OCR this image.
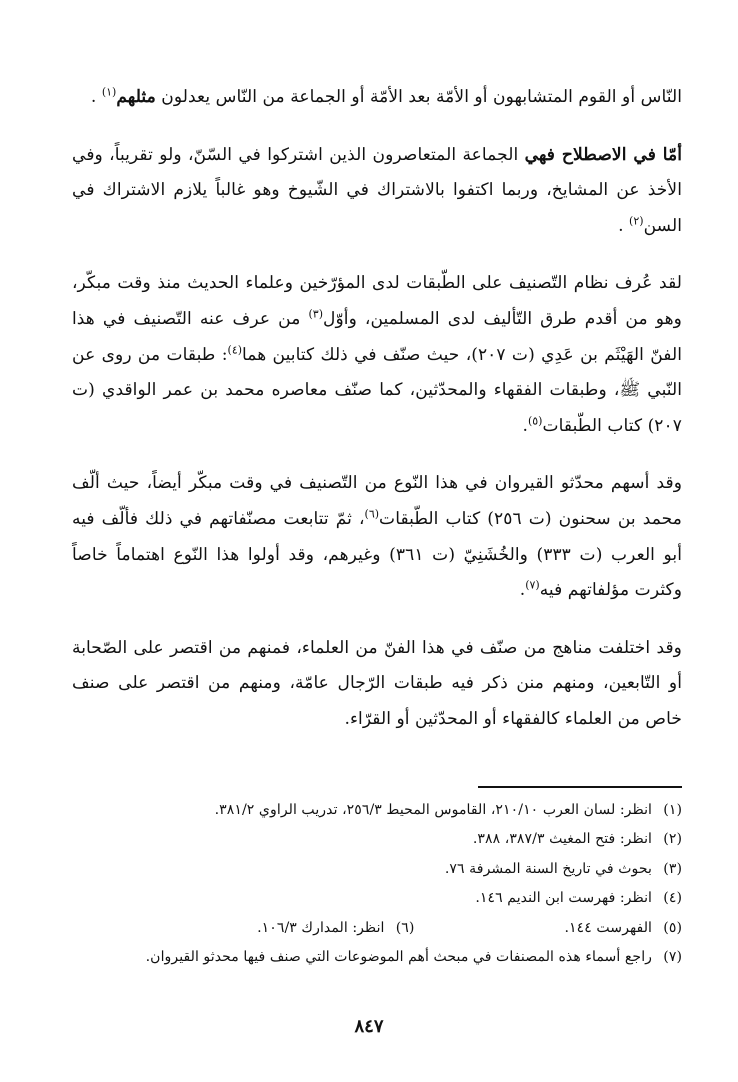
النّاس أو القوم المتشابهون أو الأمّة بعد الأمّة أو الجماعة من النّاس يعدلون مثلهم$^{(١)}$ .

أمّا في الاصطلاح فهي الجماعة المتعاصرون الذين اشتركوا في السّنّ، ولو تقريباً، وفي الأخذ عن المشايخ، وربما اكتفوا بالاشتراك في الشّيوخ وهو غالباً يلازم الاشتراك في السن$^{(٢)}$ .

لقد عُرف نظام التّصنيف على الطّبقات لدى المؤرّخين وعلماء الحديث منذ وقت مبكّر، وهو من أقدم طرق التّأليف لدى المسلمين، وأوّل$^{(٣)}$ من عرف عنه التّصنيف في هذا الفنّ الهَيْثَم بن عَدِي (ت ٢٠٧)، حيث صنّف في ذلك كتابين هما$^{(٤)}$: طبقات من روى عن النّبي ﷺ، وطبقات الفقهاء والمحدّثين، كما صنّف معاصره محمد بن عمر الواقدي (ت ٢٠٧) كتاب الطّبقات$^{(٥)}$.

وقد أسهم محدّثو القيروان في هذا النّوع من التّصنيف في وقت مبكّر أيضاً، حيث ألّف محمد بن سحنون (ت ٢٥٦) كتاب الطّبقات$^{(٦)}$، ثمّ تتابعت مصنّفاتهم في ذلك فألّف فيه أبو العرب (ت ٣٣٣) والخُشَنِيّ (ت ٣٦١) وغيرهم، وقد أولوا هذا النّوع اهتماماً خاصاً وكثرت مؤلفاتهم فيه$^{(٧)}$.

وقد اختلفت مناهج من صنّف في هذا الفنّ من العلماء، فمنهم من اقتصر على الصّحابة أو التّابعين، ومنهم منن ذكر فيه طبقات الرّجال عامّة، ومنهم من اقتصر على صنف خاص من العلماء كالفقهاء أو المحدّثين أو القرّاء.

(١)انظر: لسان العرب ٢١٠/١٠، القاموس المحيط ٢٥٦/٣، تدريب الراوي ٣٨١/٢.
(٢)انظر: فتح المغيث ٣٨٧/٣، ٣٨٨.
(٣)بحوث في تاريخ السنة المشرفة ٧٦.
(٤)انظر: فهرست ابن النديم ١٤٦.
(٥)الفهرست ١٤٤.(٦)انظر: المدارك ١٠٦/٣.
(٧)راجع أسماء هذه المصنفات في مبحث أهم الموضوعات التي صنف فيها محدثو القيروان.
٨٤٧
